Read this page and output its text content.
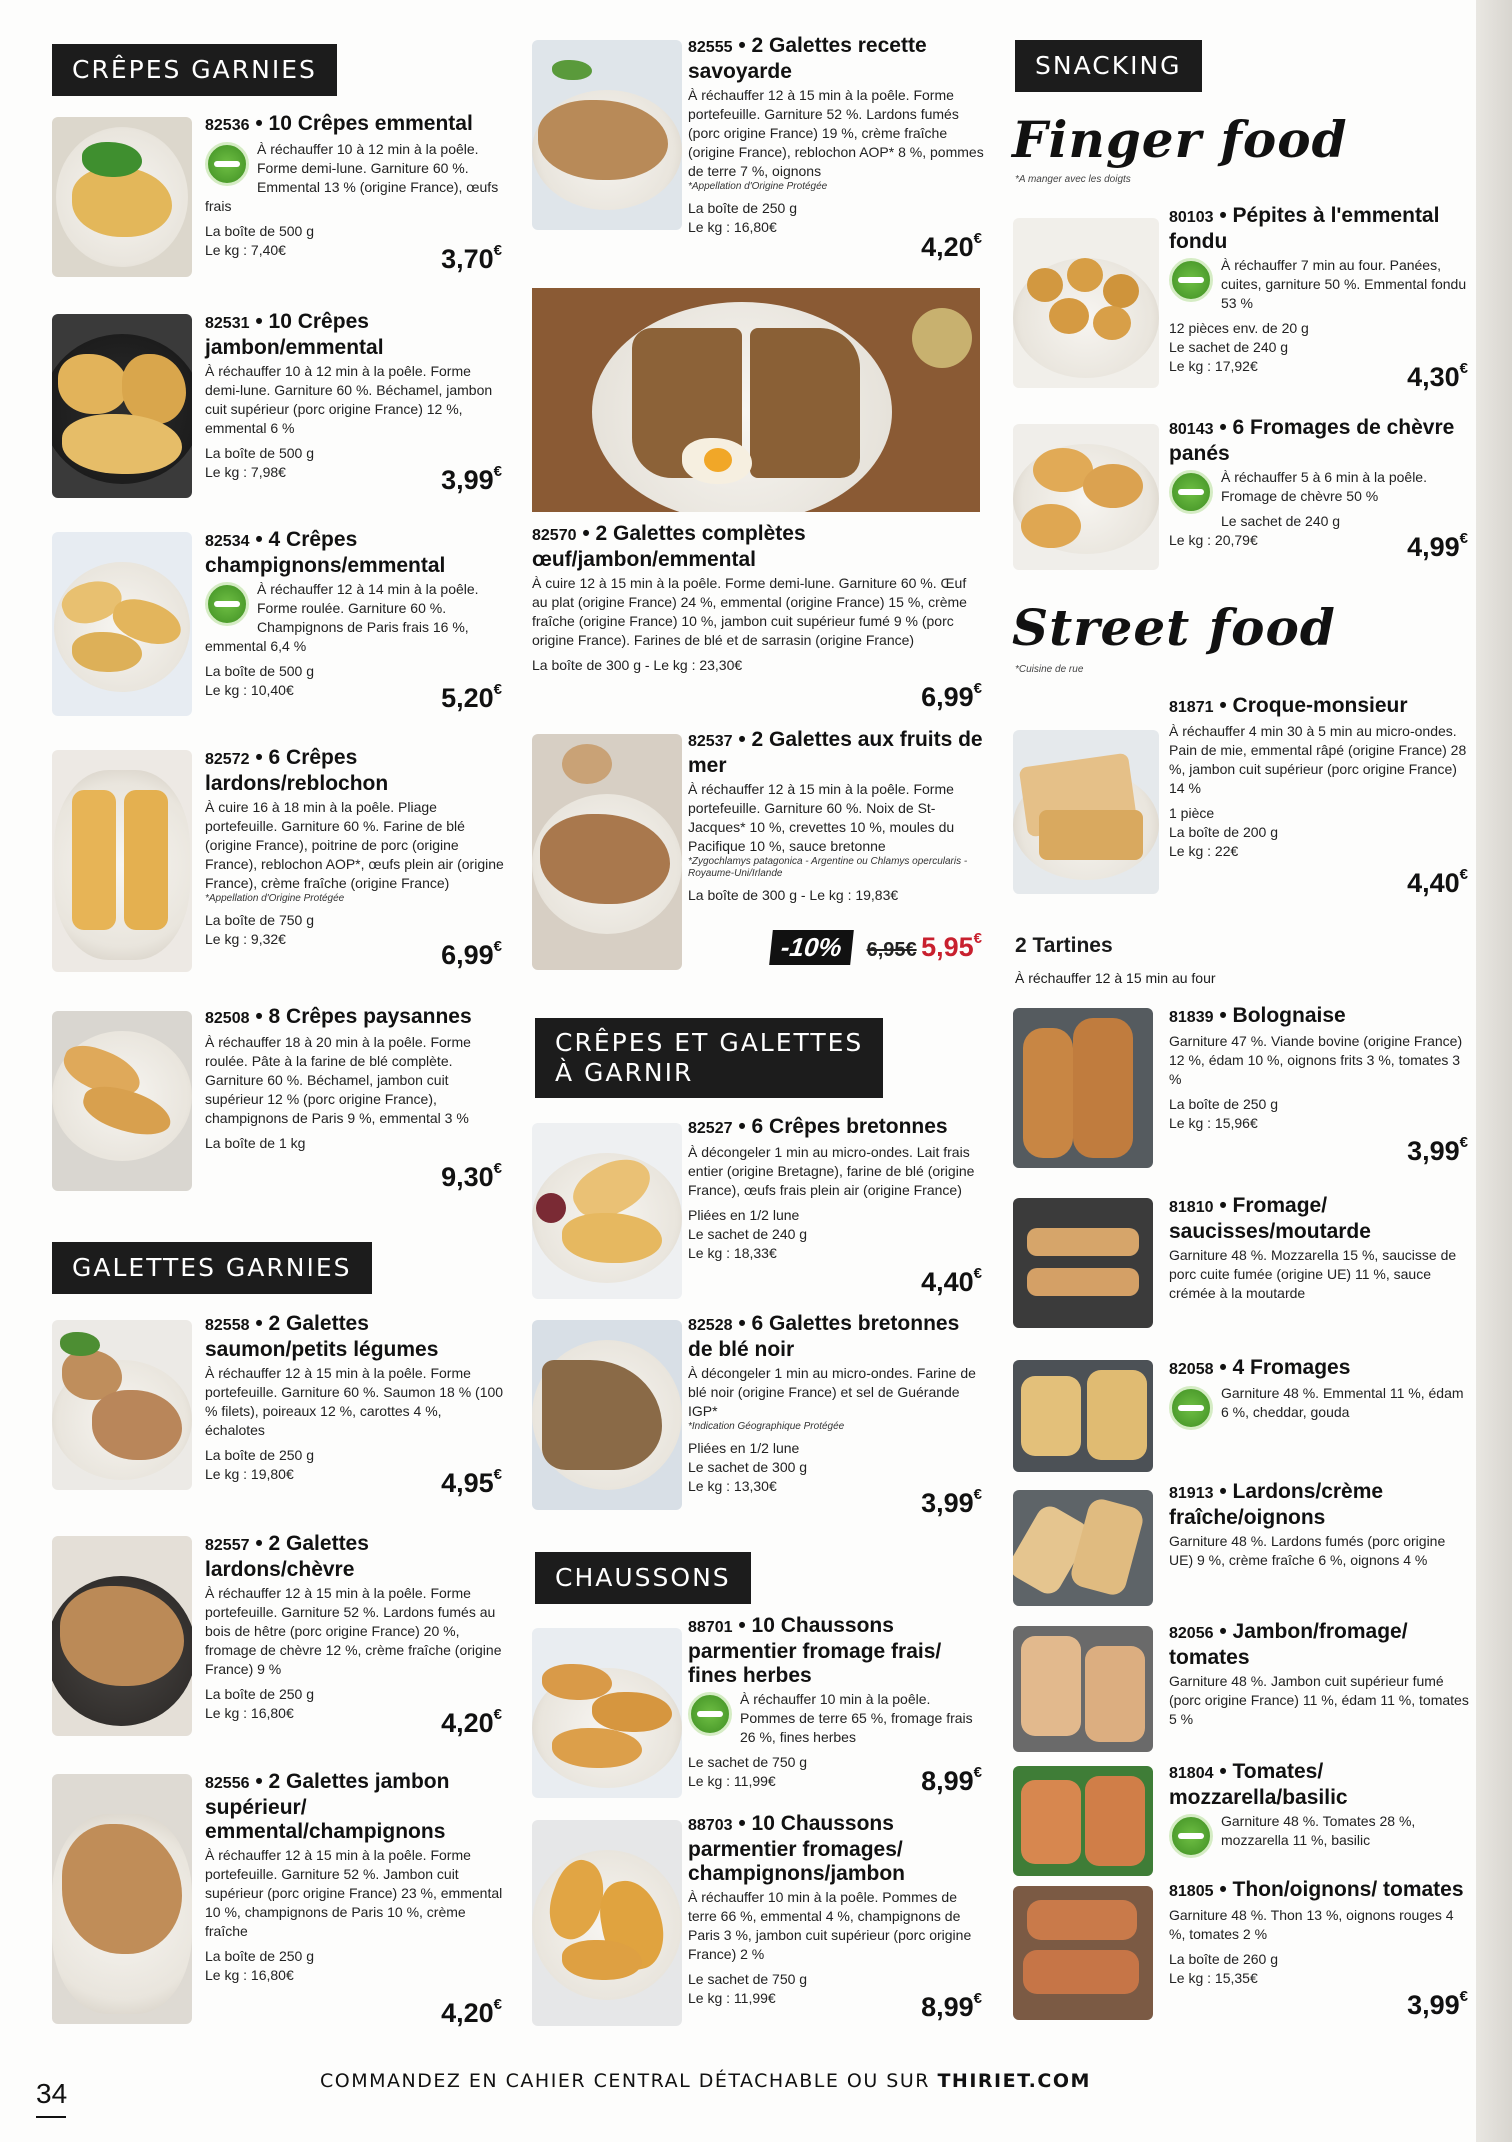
CRÊPES GARNIES
82536 • 10 Crêpes emmental
À réchauffer 10 à 12 min à la poêle. Forme demi-lune. Garniture 60 %. Emmental 13 % (origine France), œufs frais
La boîte de 500 g
Le kg : 7,40€	3,70€
82531 • 10 Crêpes jambon/emmental
À réchauffer 10 à 12 min à la poêle. Forme demi-lune. Garniture 60 %. Béchamel, jambon cuit supérieur (porc origine France) 12 %, emmental 6 %
La boîte de 500 g
Le kg : 7,98€	3,99€
82534 • 4 Crêpes champignons/emmental
À réchauffer 12 à 14 min à la poêle. Forme roulée. Garniture 60 %. Champignons de Paris frais 16 %, emmental 6,4 %
La boîte de 500 g
Le kg : 10,40€	5,20€
82572 • 6 Crêpes lardons/reblochon
À cuire 16 à 18 min à la poêle. Pliage portefeuille. Garniture 60 %. Farine de blé (origine France), poitrine de porc (origine France), reblochon AOP*, œufs plein air (origine France), crème fraîche (origine France)
*Appellation d'Origine Protégée
La boîte de 750 g
Le kg : 9,32€
6,99€
82508 • 8 Crêpes paysannes
À réchauffer 18 à 20 min à la poêle. Forme roulée. Pâte à la farine de blé complète. Garniture 60 %. Béchamel, jambon cuit supérieur 12 % (porc origine France), champignons de Paris 9 %, emmental 3 %
La boîte de 1 kg
9,30€
GALETTES GARNIES
82558 • 2 Galettes saumon/petits légumes
À réchauffer 12 à 15 min à la poêle. Forme portefeuille. Garniture 60 %. Saumon 18 % (100 % filets), poireaux 12 %, carottes 4 %, échalotes
La boîte de 250 g
Le kg : 19,80€	4,95€
82557 • 2 Galettes lardons/chèvre
À réchauffer 12 à 15 min à la poêle. Forme portefeuille. Garniture 52 %. Lardons fumés au bois de hêtre (porc origine France) 20 %, fromage de chèvre 12 %, crème fraîche (origine France) 9 %
La boîte de 250 g
Le kg : 16,80€	4,20€
82556 • 2 Galettes jambon supérieur/ emmental/champignons
À réchauffer 12 à 15 min à la poêle. Forme portefeuille. Garniture 52 %. Jambon cuit supérieur (porc origine France) 23 %, emmental 10 %, champignons de Paris 10 %, crème fraîche
La boîte de 250 g
Le kg : 16,80€
4,20€
82555 • 2 Galettes recette savoyarde
À réchauffer 12 à 15 min à la poêle. Forme portefeuille. Garniture 52 %. Lardons fumés (porc origine France) 19 %, crème fraîche (origine France), reblochon AOP* 8 %, pommes de terre 7 %, oignons
*Appellation d'Origine Protégée
La boîte de 250 g
Le kg : 16,80€
4,20€
82570 • 2 Galettes complètes œuf/jambon/emmental
À cuire 12 à 15 min à la poêle. Forme demi-lune. Garniture 60 %. Œuf au plat (origine France) 24 %, emmental (origine France) 15 %, crème fraîche (origine France) 10 %, jambon cuit supérieur fumé 9 % (porc origine France). Farines de blé et de sarrasin (origine France)
La boîte de 300 g - Le kg : 23,30€
6,99€
82537 • 2 Galettes aux fruits de mer
À réchauffer 12 à 15 min à la poêle. Forme portefeuille. Garniture 60 %. Noix de St-Jacques* 10 %, crevettes 10 %, moules du Pacifique 10 %, sauce bretonne
*Zygochlamys patagonica - Argentine ou Chlamys opercularis - Royaume-Uni/Irlande
La boîte de 300 g - Le kg : 19,83€
-10% 6,95€ 5,95€
CRÊPES ET GALETTES
À GARNIR
82527 • 6 Crêpes bretonnes
À décongeler 1 min au micro-ondes. Lait frais entier (origine Bretagne), farine de blé (origine France), œufs frais plein air (origine France)
Pliées en 1/2 lune
Le sachet de 240 g
Le kg : 18,33€
4,40€
82528 • 6 Galettes bretonnes de blé noir
À décongeler 1 min au micro-ondes. Farine de blé noir (origine France) et sel de Guérande IGP*
*Indication Géographique Protégée
Pliées en 1/2 lune
Le sachet de 300 g
Le kg : 13,30€
3,99€
CHAUSSONS
88701 • 10 Chaussons parmentier fromage frais/ fines herbes
À réchauffer 10 min à la poêle. Pommes de terre 65 %, fromage frais 26 %, fines herbes
Le sachet de 750 g
Le kg : 11,99€	8,99€
88703 • 10 Chaussons parmentier fromages/ champignons/jambon
À réchauffer 10 min à la poêle. Pommes de terre 66 %, emmental 4 %, champignons de Paris 3 %, jambon cuit supérieur (porc origine France) 2 %
Le sachet de 750 g
Le kg : 11,99€	8,99€
SNACKING
Finger food
*A manger avec les doigts
80103 • Pépites à l'emmental fondu
À réchauffer 7 min au four. Panées, cuites, garniture 50 %. Emmental fondu 53 %
12 pièces env. de 20 g
Le sachet de 240 g
Le kg : 17,92€	4,30€
80143 • 6 Fromages de chèvre panés
À réchauffer 5 à 6 min à la poêle. Fromage de chèvre 50 %
Le sachet de 240 g
Le kg : 20,79€	4,99€
Street food
*Cuisine de rue
81871 • Croque-monsieur
À réchauffer 4 min 30 à 5 min au micro-ondes. Pain de mie, emmental râpé (origine France) 28 %, jambon cuit supérieur (porc origine France) 14 %
1 pièce
La boîte de 200 g
Le kg : 22€
4,40€
2 Tartines
À réchauffer 12 à 15 min au four
81839 • Bolognaise
Garniture 47 %. Viande bovine (origine France) 12 %, édam 10 %, oignons frits 3 %, tomates 3 %
La boîte de 250 g
Le kg : 15,96€
3,99€
81810 • Fromage/ saucisses/moutarde
Garniture 48 %. Mozzarella 15 %, saucisse de porc cuite fumée (origine UE) 11 %, sauce crémée à la moutarde
82058 • 4 Fromages
Garniture 48 %. Emmental 11 %, édam 6 %, cheddar, gouda
81913 • Lardons/crème fraîche/oignons
Garniture 48 %. Lardons fumés (porc origine UE) 9 %, crème fraîche 6 %, oignons 4 %
82056 • Jambon/fromage/ tomates
Garniture 48 %. Jambon cuit supérieur fumé (porc origine France) 11 %, édam 11 %, tomates 5 %
81804 • Tomates/ mozzarella/basilic
Garniture 48 %. Tomates 28 %, mozzarella 11 %, basilic
81805 • Thon/oignons/ tomates
Garniture 48 %. Thon 13 %, oignons rouges 4 %, tomates 2 %
La boîte de 260 g
Le kg : 15,35€
3,99€
34	COMMANDEZ EN CAHIER CENTRAL DÉTACHABLE OU SUR THIRIET.COM
